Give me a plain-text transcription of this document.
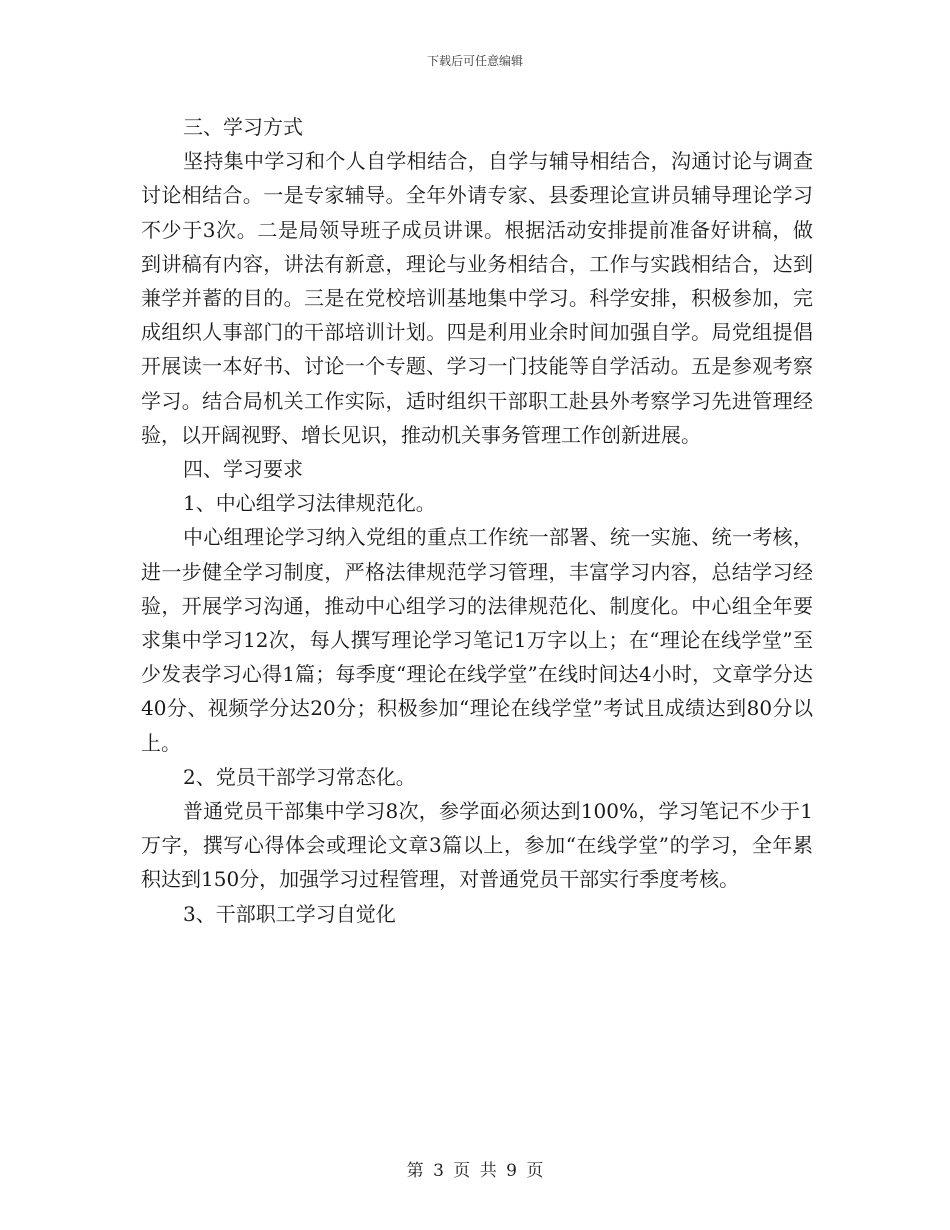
下载后可任意编辑

三、学习方式

坚持集中学习和个人自学相结合，自学与辅导相结合，沟通讨论与调查讨论相结合。一是专家辅导。全年外请专家、县委理论宣讲员辅导理论学习不少于3次。二是局领导班子成员讲课。根据活动安排提前准备好讲稿，做到讲稿有内容，讲法有新意，理论与业务相结合，工作与实践相结合，达到兼学并蓄的目的。三是在党校培训基地集中学习。科学安排，积极参加，完成组织人事部门的干部培训计划。四是利用业余时间加强自学。局党组提倡开展读一本好书、讨论一个专题、学习一门技能等自学活动。五是参观考察学习。结合局机关工作实际，适时组织干部职工赴县外考察学习先进管理经验，以开阔视野、增长见识，推动机关事务管理工作创新进展。

四、学习要求

1、中心组学习法律规范化。

中心组理论学习纳入党组的重点工作统一部署、统一实施、统一考核，进一步健全学习制度，严格法律规范学习管理，丰富学习内容，总结学习经验，开展学习沟通，推动中心组学习的法律规范化、制度化。中心组全年要求集中学习12次，每人撰写理论学习笔记1万字以上；在“理论在线学堂”至少发表学习心得1篇；每季度“理论在线学堂”在线时间达4小时，文章学分达40分、视频学分达20分；积极参加“理论在线学堂”考试且成绩达到80分以上。

2、党员干部学习常态化。

普通党员干部集中学习8次，参学面必须达到100%，学习笔记不少于1万字，撰写心得体会或理论文章3篇以上，参加“在线学堂”的学习，全年累积达到150分，加强学习过程管理，对普通党员干部实行季度考核。

3、干部职工学习自觉化

第 3 页 共 9 页
